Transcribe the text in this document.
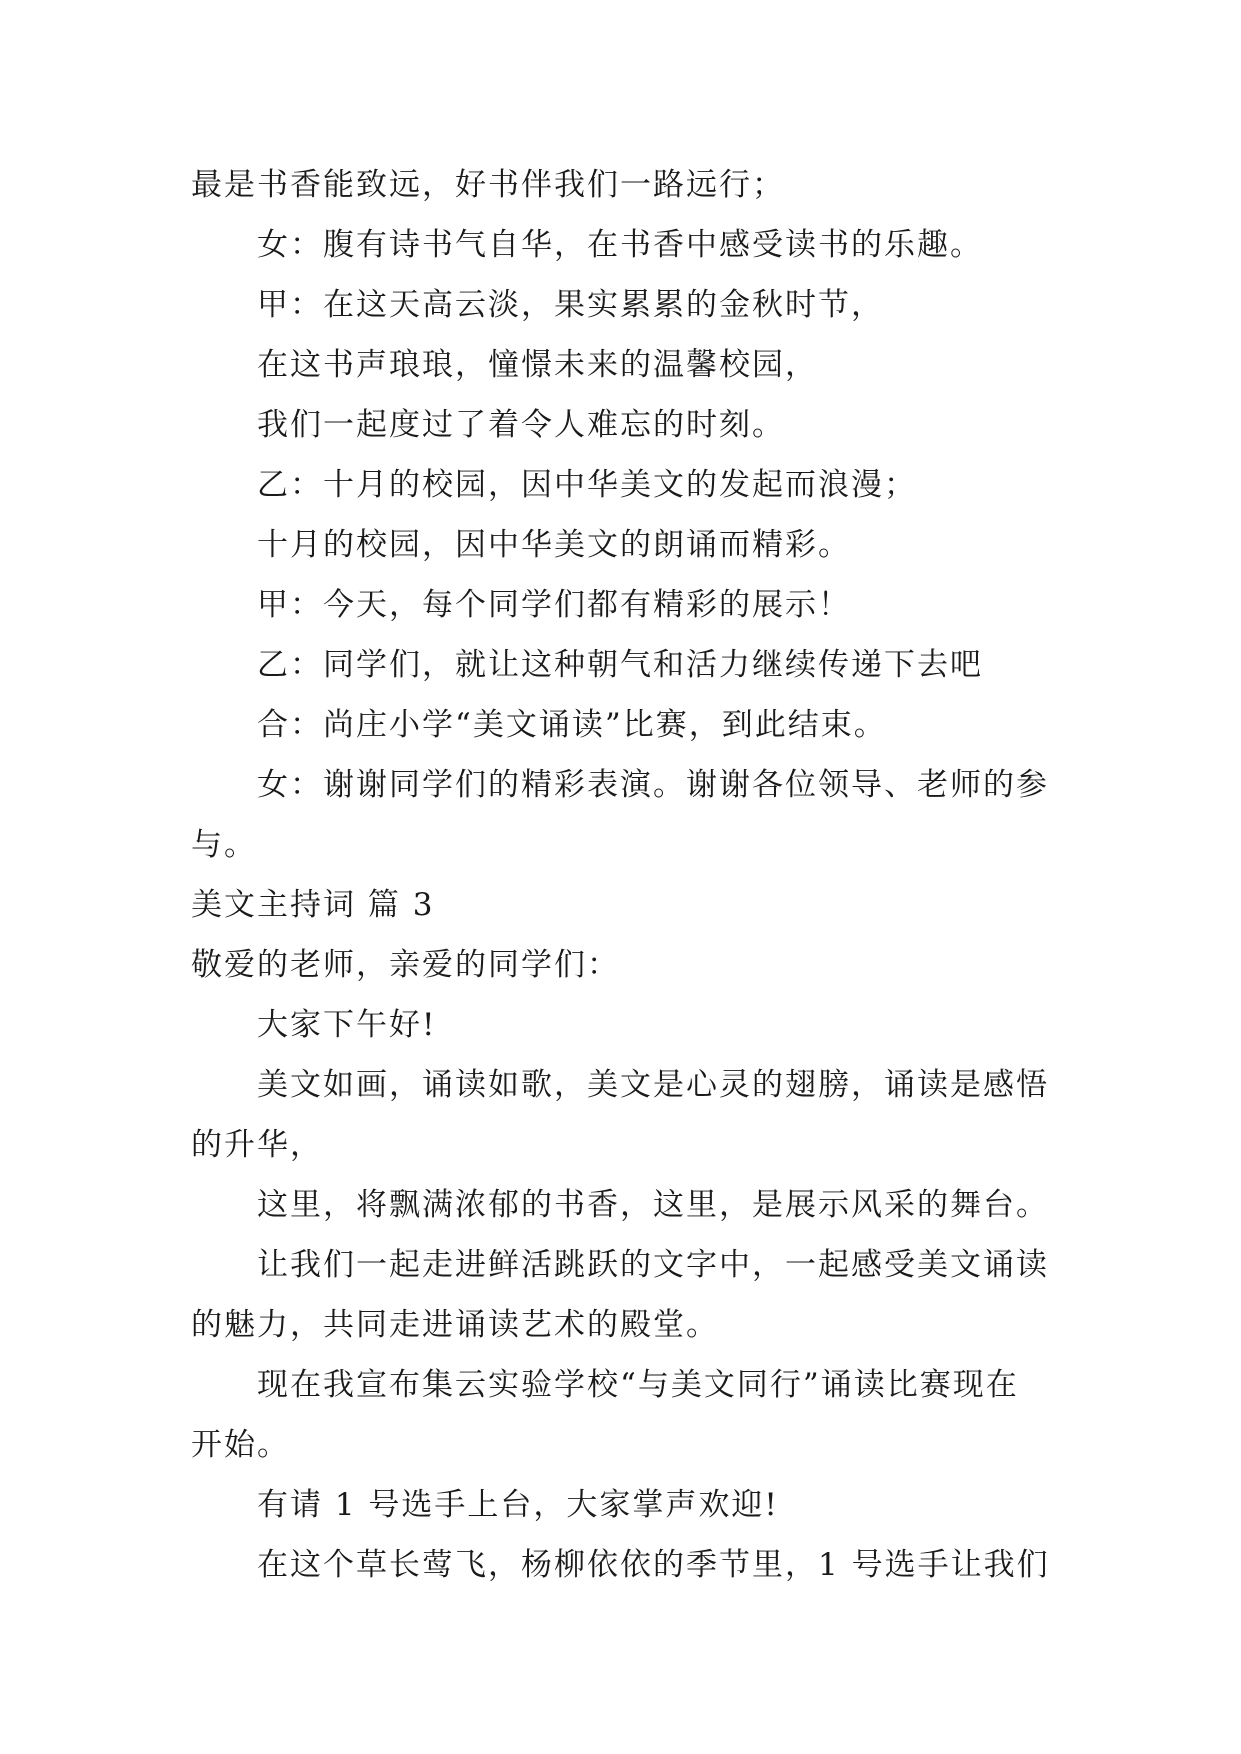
最是书香能致远，好书伴我们一路远行；
女：腹有诗书气自华，在书香中感受读书的乐趣。
甲：在这天高云淡，果实累累的金秋时节，
在这书声琅琅，憧憬未来的温馨校园，
我们一起度过了着令人难忘的时刻。
乙：十月的校园，因中华美文的发起而浪漫；
十月的校园，因中华美文的朗诵而精彩。
甲：今天，每个同学们都有精彩的展示！
乙：同学们，就让这种朝气和活力继续传递下去吧
合：尚庄小学“美文诵读”比赛，到此结束。
女：谢谢同学们的精彩表演。谢谢各位领导、老师的参
与。
美文主持词 篇 3
敬爱的老师，亲爱的同学们：
大家下午好!
美文如画，诵读如歌，美文是心灵的翅膀，诵读是感悟
的升华，
这里，将飘满浓郁的书香，这里，是展示风采的舞台。
让我们一起走进鲜活跳跃的文字中，一起感受美文诵读
的魅力，共同走进诵读艺术的殿堂。
现在我宣布集云实验学校“与美文同行”诵读比赛现在
开始。
有请 1 号选手上台，大家掌声欢迎!
在这个草长莺飞，杨柳依依的季节里，1 号选手让我们
